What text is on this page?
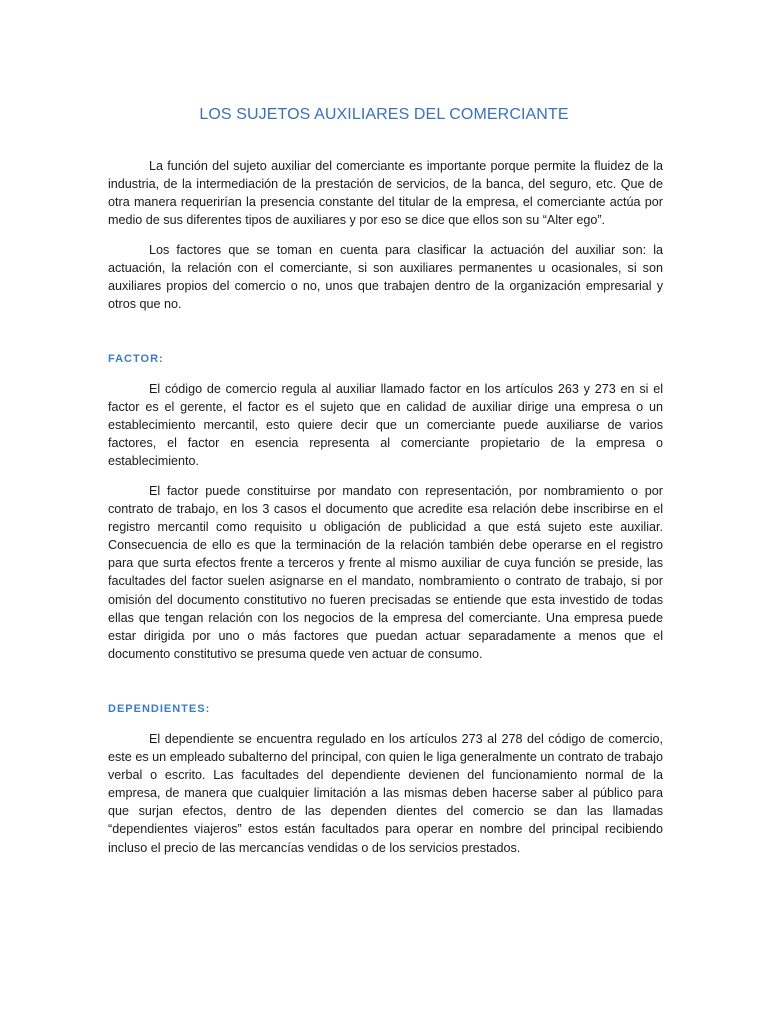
LOS SUJETOS AUXILIARES DEL COMERCIANTE

La función del sujeto auxiliar del comerciante es importante porque permite la fluidez de la industria, de la intermediación de la prestación de servicios, de la banca, del seguro, etc. Que de otra manera requerirían la presencia constante del titular de la empresa, el comerciante actúa por medio de sus diferentes tipos de auxiliares y por eso se dice que ellos son su “Alter ego”.

Los factores que se toman en cuenta para clasificar la actuación del auxiliar son: la actuación, la relación con el comerciante, si son auxiliares permanentes u ocasionales, si son auxiliares propios del comercio o no, unos que trabajen dentro de la organización empresarial y otros que no.

FACTOR:

El código de comercio regula al auxiliar llamado factor en los artículos 263 y 273 en si el factor es el gerente, el factor es el sujeto que en calidad de auxiliar dirige una empresa o un establecimiento mercantil, esto quiere decir que un comerciante puede auxiliarse de varios factores, el factor en esencia representa al comerciante propietario de la empresa o establecimiento.

El factor puede constituirse por mandato con representación, por nombramiento o por contrato de trabajo, en los 3 casos el documento que acredite esa relación debe inscribirse en el registro mercantil como requisito u obligación de publicidad a que está sujeto este auxiliar. Consecuencia de ello es que la terminación de la relación también debe operarse en el registro para que surta efectos frente a terceros y frente al mismo auxiliar de cuya función se preside, las facultades del factor suelen asignarse en el mandato, nombramiento o contrato de trabajo, si por omisión del documento constitutivo no fueren precisadas se entiende que esta investido de todas ellas que tengan relación con los negocios de la empresa del comerciante. Una empresa puede estar dirigida por uno o más factores que puedan actuar separadamente a menos que el documento constitutivo se presuma quede ven actuar de consumo.

DEPENDIENTES:

El dependiente se encuentra regulado en los artículos 273 al 278 del código de comercio, este es un empleado subalterno del principal, con quien le liga generalmente un contrato de trabajo verbal o escrito. Las facultades del dependiente devienen del funcionamiento normal de la empresa, de manera que cualquier limitación a las mismas deben hacerse saber al público para que surjan efectos, dentro de las dependen dientes del comercio se dan las llamadas “dependientes viajeros” estos están facultados para operar en nombre del principal recibiendo incluso el precio de las mercancías vendidas o de los servicios prestados.
